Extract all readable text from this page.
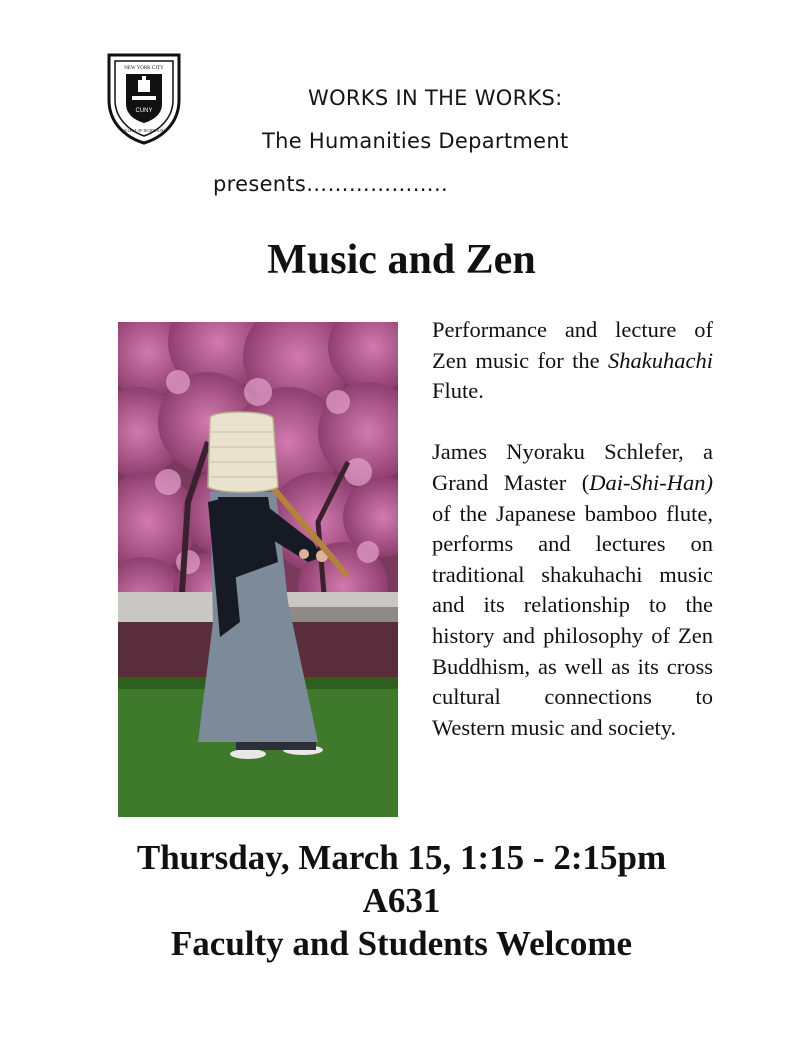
CUNY
NEW YORK CITY
COLLEGE OF TECHNOLOGY
WORKS IN THE WORKS:
The Humanities Department
presents………………..
Music and Zen

Performance and lecture of Zen music for the Shakuhachi Flute.

James Nyoraku Schlefer, a Grand Master (Dai-Shi-Han) of the Japanese bamboo flute, performs and lectures on traditional shakuhachi music and its relationship to the history and philosophy of Zen Buddhism, as well as its cross cultural connections to Western music and society.

Thursday, March 15, 1:15 - 2:15pm
A631
Faculty and Students Welcome
